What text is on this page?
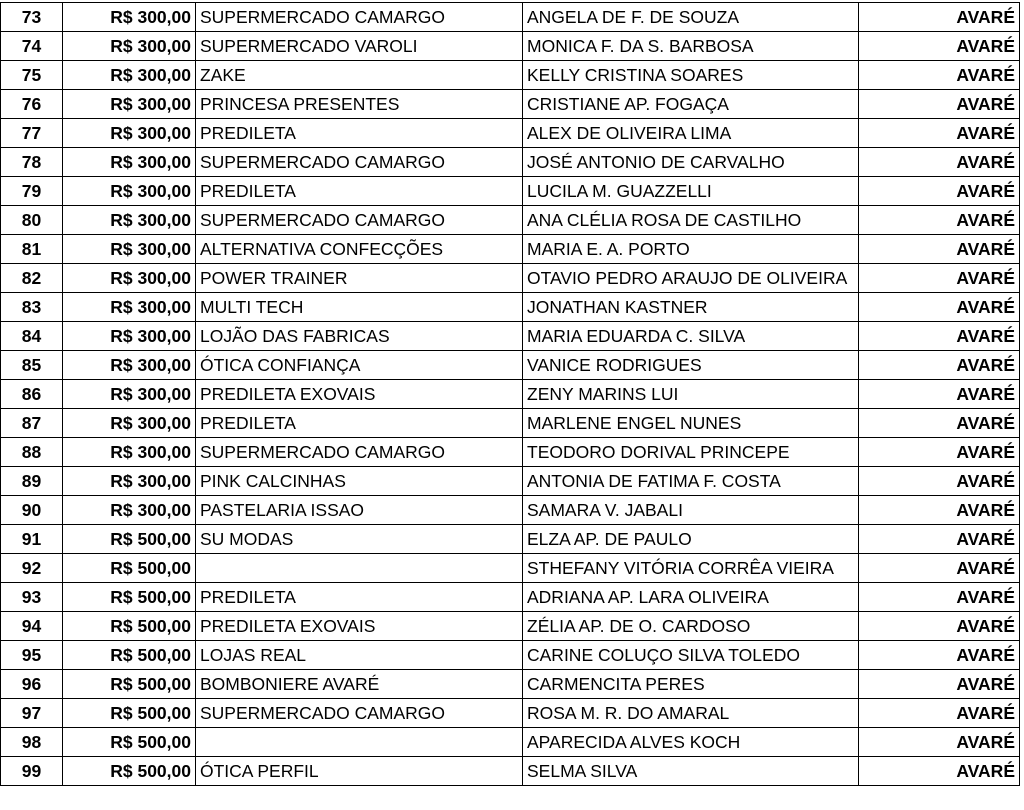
73	R$ 300,00	SUPERMERCADO CAMARGO	ANGELA DE F. DE SOUZA	AVARÉ
74	R$ 300,00	SUPERMERCADO VAROLI	MONICA F. DA S. BARBOSA	AVARÉ
75	R$ 300,00	ZAKE	KELLY CRISTINA SOARES	AVARÉ
76	R$ 300,00	PRINCESA PRESENTES	CRISTIANE AP. FOGAÇA	AVARÉ
77	R$ 300,00	PREDILETA	ALEX DE OLIVEIRA LIMA	AVARÉ
78	R$ 300,00	SUPERMERCADO CAMARGO	JOSÉ ANTONIO DE CARVALHO	AVARÉ
79	R$ 300,00	PREDILETA	LUCILA M. GUAZZELLI	AVARÉ
80	R$ 300,00	SUPERMERCADO CAMARGO	ANA CLÉLIA ROSA DE CASTILHO	AVARÉ
81	R$ 300,00	ALTERNATIVA CONFECÇÕES	MARIA E. A. PORTO	AVARÉ
82	R$ 300,00	POWER TRAINER	OTAVIO PEDRO ARAUJO DE OLIVEIRA	AVARÉ
83	R$ 300,00	MULTI TECH	JONATHAN KASTNER	AVARÉ
84	R$ 300,00	LOJÃO DAS FABRICAS	MARIA EDUARDA C. SILVA	AVARÉ
85	R$ 300,00	ÓTICA CONFIANÇA	VANICE RODRIGUES	AVARÉ
86	R$ 300,00	PREDILETA EXOVAIS	ZENY MARINS LUI	AVARÉ
87	R$ 300,00	PREDILETA	MARLENE ENGEL NUNES	AVARÉ
88	R$ 300,00	SUPERMERCADO CAMARGO	TEODORO DORIVAL PRINCEPE	AVARÉ
89	R$ 300,00	PINK CALCINHAS	ANTONIA DE FATIMA F. COSTA	AVARÉ
90	R$ 300,00	PASTELARIA ISSAO	SAMARA V. JABALI	AVARÉ
91	R$ 500,00	SU MODAS	ELZA AP. DE PAULO	AVARÉ
92	R$ 500,00		STHEFANY VITÓRIA CORRÊA VIEIRA	AVARÉ
93	R$ 500,00	PREDILETA	ADRIANA AP. LARA OLIVEIRA	AVARÉ
94	R$ 500,00	PREDILETA EXOVAIS	ZÉLIA AP. DE O. CARDOSO	AVARÉ
95	R$ 500,00	LOJAS REAL	CARINE COLUÇO SILVA TOLEDO	AVARÉ
96	R$ 500,00	BOMBONIERE AVARÉ	CARMENCITA PERES	AVARÉ
97	R$ 500,00	SUPERMERCADO CAMARGO	ROSA M. R. DO AMARAL	AVARÉ
98	R$ 500,00		APARECIDA ALVES KOCH	AVARÉ
99	R$ 500,00	ÓTICA PERFIL	SELMA SILVA	AVARÉ
